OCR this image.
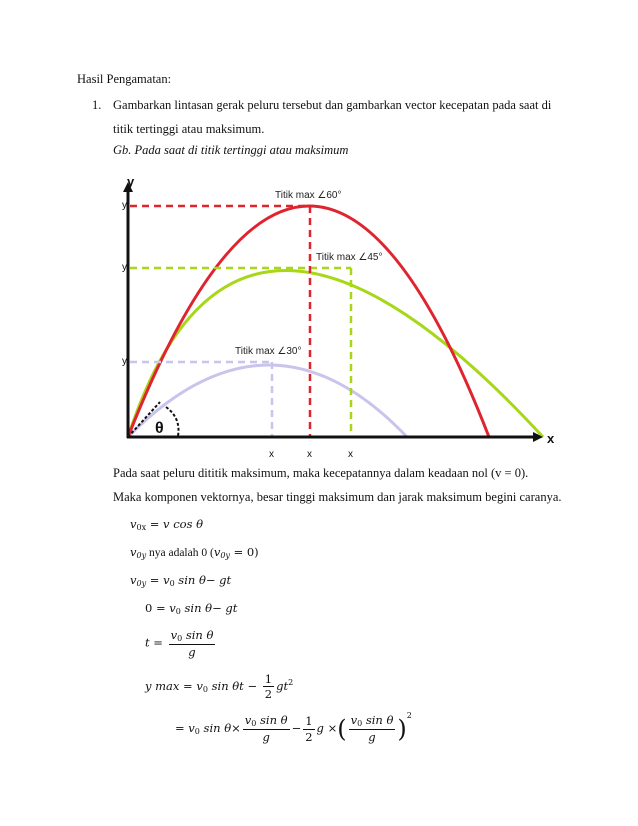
Hasil Pengamatan:
1. Gambarkan lintasan gerak peluru tersebut dan gambarkan vector kecepatan pada saat di
titik tertinggi atau maksimum.
Gb. Pada saat di titik tertinggi atau maksimum
θ
y
x
y
y
y
x	x	x
Titik max ∠60°
Titik max ∠45°
Titik max ∠30°
Pada saat peluru dititik maksimum, maka kecepatannya dalam keadaan nol (v = 0).
Maka komponen vektornya, besar tinggi maksimum dan jarak maksimum begini caranya.
$v_{0x} = v$ cos θ
$v_{0y}$ nya adalah 0 $(v_{0y} = 0)$
$v_{0y} = v_0$ sin θ− gt
$0 = v_0$ sin θ− gt
$t = \frac{v_0 \sin \theta}{g}$
y $\max = v_0$ $\sin \theta t - \frac{1}{2} gt^2$
= $v_0$ $\sin \theta\times \frac{v_0 \sin \theta}{g} - \frac{1}{2}$ g ×( $\frac{v_0 \sin \theta}{g} )^2$
